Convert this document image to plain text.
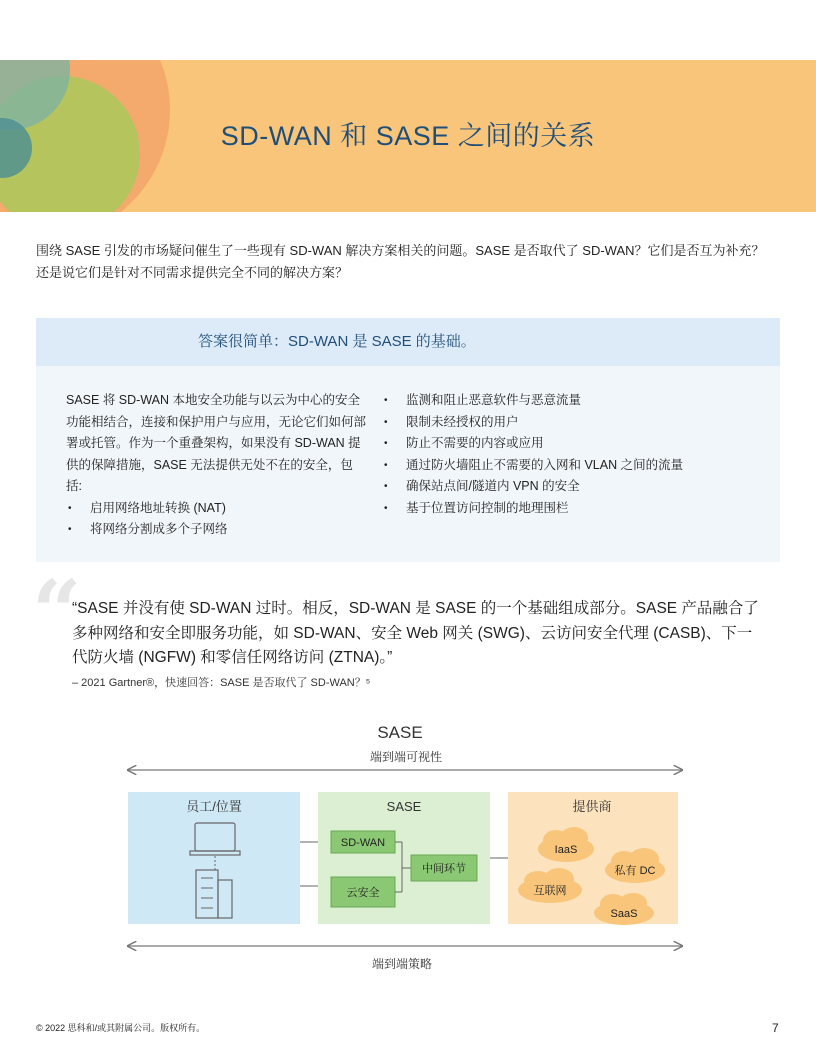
SD-WAN 和 SASE 之间的关系
围绕 SASE 引发的市场疑问催生了一些现有 SD-WAN 解决方案相关的问题。SASE 是否取代了 SD-WAN？它们是否互为补充？还是说它们是针对不同需求提供完全不同的解决方案？
答案很简单：SD-WAN 是 SASE 的基础。
SASE 将 SD-WAN 本地安全功能与以云为中心的安全功能相结合，连接和保护用户与应用，无论它们如何部署或托管。作为一个重叠架构，如果没有 SD-WAN 提供的保障措施，SASE 无法提供无处不在的安全，包括:
• 启用网络地址转换 (NAT)
• 将网络分割成多个子网络
• 监测和阻止恶意软件与恶意流量
• 限制未经授权的用户
• 防止不需要的内容或应用
• 通过防火墙阻止不需要的入网和 VLAN 之间的流量
• 确保站点间/隧道内 VPN 的安全
• 基于位置访问控制的地理围栏
“
“SASE 并没有使 SD-WAN 过时。相反，SD-WAN 是 SASE 的一个基础组成部分。SASE 产品融合了多种网络和安全即服务功能，如 SD-WAN、安全 Web 网关 (SWG)、云访问安全代理 (CASB)、下一代防火墙 (NGFW) 和零信任网络访问 (ZTNA)。”
– 2021 Gartner®，快速回答：SASE 是否取代了 SD-WAN？⁵
SASE
端到端可视性
员工/位置	SASE
SD-WAN
云安全
中间环节
提供商
IaaS
私有 DC
互联网
SaaS
端到端策略
© 2022 思科和/或其附属公司。版权所有。	7
